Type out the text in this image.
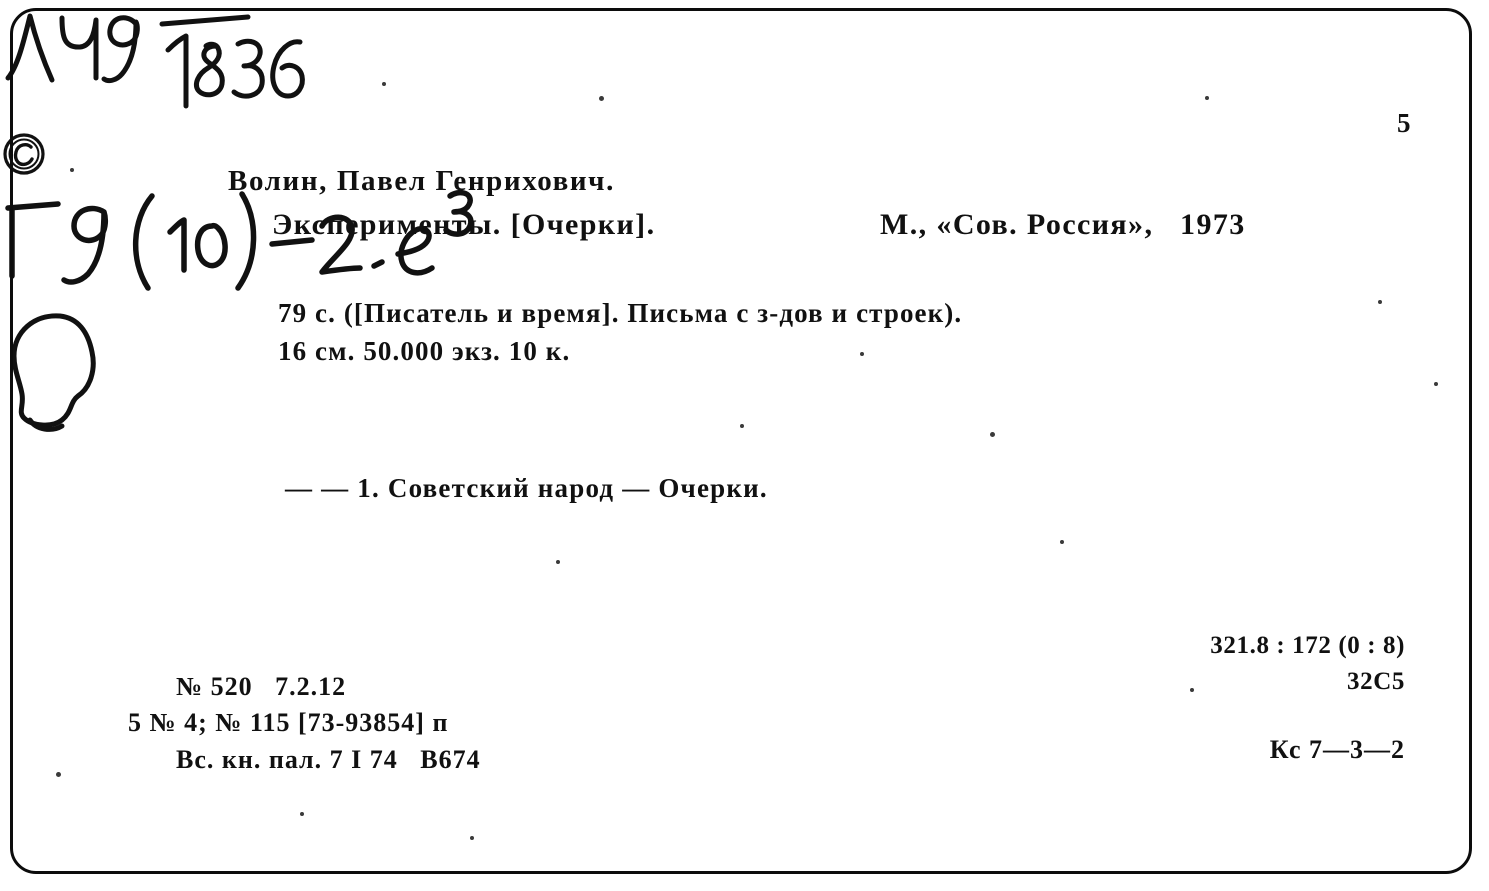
5
Волин, Павел Генрихович.
Эксперименты. [Очерки].	М., «Сов. Россия»,   1973
79 с. ([Писатель и время]. Письма с з-дов и строек).
16 см. 50.000 экз. 10 к.
— — 1. Советский народ — Очерки.
№ 520   7.2.12
5 № 4; № 115 [73-93854] п
Вс. кн. пал. 7 I 74   В674
321.8 : 172 (0 : 8)
32С5
Кс 7—3—2
